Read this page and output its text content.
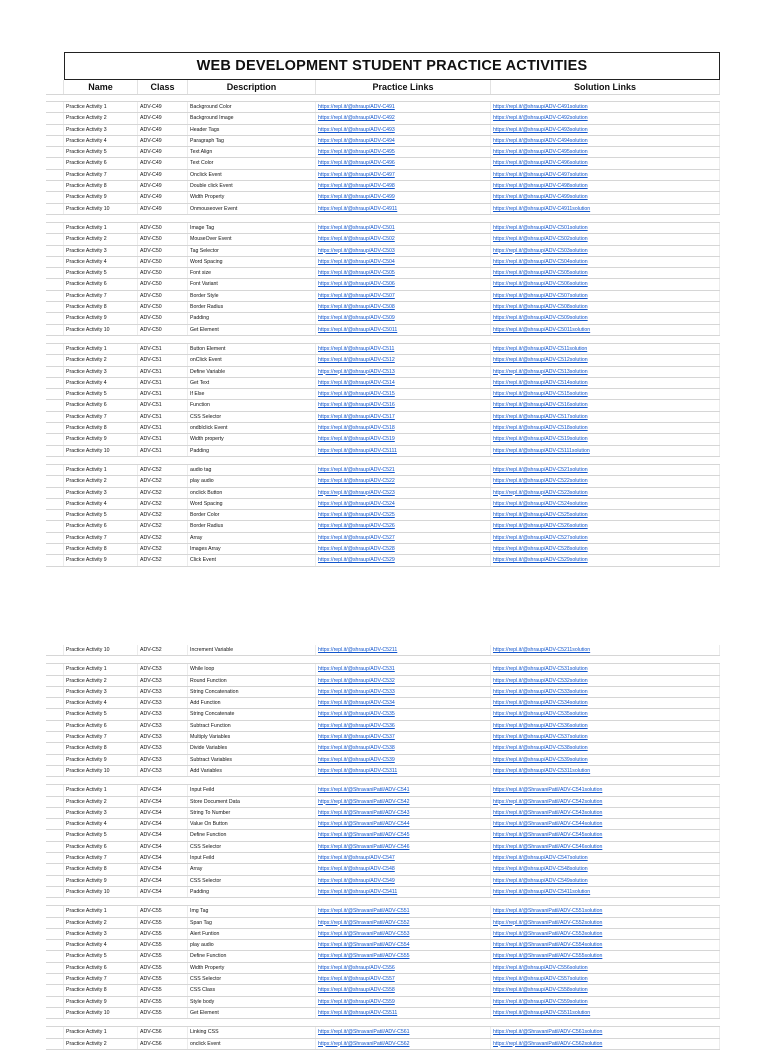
WEB DEVELOPMENT STUDENT PRACTICE ACTIVITIES
Name	Class	Description	Practice Links	Solution Links
Practice Activity 1	ADV-C49	Background Color	https://repl.it/@shraup/ADV-C491	https://repl.it/@shraup/ADV-C491solution
Practice Activity 2	ADV-C49	Background Image	https://repl.it/@shraup/ADV-C492	https://repl.it/@shraup/ADV-C492solution
Practice Activity 3	ADV-C49	Header Tags	https://repl.it/@shraup/ADV-C493	https://repl.it/@shraup/ADV-C493solution
Practice Activity 4	ADV-C49	Paragraph Tag	https://repl.it/@shraup/ADV-C494	https://repl.it/@shraup/ADV-C494solution
Practice Activity 5	ADV-C49	Text Align	https://repl.it/@shraup/ADV-C495	https://repl.it/@shraup/ADV-C495solution
Practice Activity 6	ADV-C49	Text Color	https://repl.it/@shraup/ADV-C496	https://repl.it/@shraup/ADV-C496solution
Practice Activity 7	ADV-C49	Onclick Event	https://repl.it/@shraup/ADV-C497	https://repl.it/@shraup/ADV-C497solution
Practice Activity 8	ADV-C49	Double click Event	https://repl.it/@shraup/ADV-C498	https://repl.it/@shraup/ADV-C498solution
Practice Activity 9	ADV-C49	Width Property	https://repl.it/@shraup/ADV-C499	https://repl.it/@shraup/ADV-C499solution
Practice Activity 10	ADV-C49	Onmouseover Event	https://repl.it/@shraup/ADV-C4911	https://repl.it/@shraup/ADV-C4911solution
Practice Activity 1	ADV-C50	Image Tag	https://repl.it/@shraup/ADV-C501	https://repl.it/@shraup/ADV-C501solution
Practice Activity 2	ADV-C50	MouseOver Event	https://repl.it/@shraup/ADV-C502	https://repl.it/@shraup/ADV-C502solution
Practice Activity 3	ADV-C50	Tag Selector	https://repl.it/@shraup/ADV-C503	https://repl.it/@shraup/ADV-C503solution
Practice Activity 4	ADV-C50	Word Spacing	https://repl.it/@shraup/ADV-C504	https://repl.it/@shraup/ADV-C504solution
Practice Activity 5	ADV-C50	Font size	https://repl.it/@shraup/ADV-C505	https://repl.it/@shraup/ADV-C505solution
Practice Activity 6	ADV-C50	Font Variant	https://repl.it/@shraup/ADV-C506	https://repl.it/@shraup/ADV-C506solution
Practice Activity 7	ADV-C50	Border Style	https://repl.it/@shraup/ADV-C507	https://repl.it/@shraup/ADV-C507solution
Practice Activity 8	ADV-C50	Border Radius	https://repl.it/@shraup/ADV-C508	https://repl.it/@shraup/ADV-C508solution
Practice Activity 9	ADV-C50	Padding	https://repl.it/@shraup/ADV-C509	https://repl.it/@shraup/ADV-C509solution
Practice Activity 10	ADV-C50	Get Element	https://repl.it/@shraup/ADV-C5011	https://repl.it/@shraup/ADV-C5011solution
Practice Activity 1	ADV-C51	Button Element	https://repl.it/@shraup/ADV-C511	https://repl.it/@shraup/ADV-C511solution
Practice Activity 2	ADV-C51	onClick Event	https://repl.it/@shraup/ADV-C512	https://repl.it/@shraup/ADV-C512solution
Practice Activity 3	ADV-C51	Define Variable	https://repl.it/@shraup/ADV-C513	https://repl.it/@shraup/ADV-C513solution
Practice Activity 4	ADV-C51	Get Text	https://repl.it/@shraup/ADV-C514	https://repl.it/@shraup/ADV-C514solution
Practice Activity 5	ADV-C51	If Else	https://repl.it/@shraup/ADV-C515	https://repl.it/@shraup/ADV-C515solution
Practice Activity 6	ADV-C51	Function	https://repl.it/@shraup/ADV-C516	https://repl.it/@shraup/ADV-C516solution
Practice Activity 7	ADV-C51	CSS Selector	https://repl.it/@shraup/ADV-C517	https://repl.it/@shraup/ADV-C517solution
Practice Activity 8	ADV-C51	ondblclick Event	https://repl.it/@shraup/ADV-C518	https://repl.it/@shraup/ADV-C518solution
Practice Activity 9	ADV-C51	Width property	https://repl.it/@shraup/ADV-C519	https://repl.it/@shraup/ADV-C519solution
Practice Activity 10	ADV-C51	Padding	https://repl.it/@shraup/ADV-C5111	https://repl.it/@shraup/ADV-C5111solution
Practice Activity 1	ADV-C52	audio tag	https://repl.it/@shraup/ADV-C521	https://repl.it/@shraup/ADV-C521solution
Practice Activity 2	ADV-C52	play audio	https://repl.it/@shraup/ADV-C522	https://repl.it/@shraup/ADV-C522solution
Practice Activity 3	ADV-C52	onclick Button	https://repl.it/@shraup/ADV-C523	https://repl.it/@shraup/ADV-C523solution
Practice Activity 4	ADV-C52	Word Spacing	https://repl.it/@shraup/ADV-C524	https://repl.it/@shraup/ADV-C524solution
Practice Activity 5	ADV-C52	Border Color	https://repl.it/@shraup/ADV-C525	https://repl.it/@shraup/ADV-C525solution
Practice Activity 6	ADV-C52	Border Radius	https://repl.it/@shraup/ADV-C526	https://repl.it/@shraup/ADV-C526solution
Practice Activity 7	ADV-C52	Array	https://repl.it/@shraup/ADV-C527	https://repl.it/@shraup/ADV-C527solution
Practice Activity 8	ADV-C52	Images Array	https://repl.it/@shraup/ADV-C528	https://repl.it/@shraup/ADV-C528solution
Practice Activity 9	ADV-C52	Click Event	https://repl.it/@shraup/ADV-C529	https://repl.it/@shraup/ADV-C529solution
Practice Activity 10	ADV-C52	Increment Variable	https://repl.it/@shraup/ADV-C5211	https://repl.it/@shraup/ADV-C5211solution
Practice Activity 1	ADV-C53	While loop	https://repl.it/@shraup/ADV-C531	https://repl.it/@shraup/ADV-C531solution
Practice Activity 2	ADV-C53	Round Function	https://repl.it/@shraup/ADV-C532	https://repl.it/@shraup/ADV-C532solution
Practice Activity 3	ADV-C53	String Concatenation	https://repl.it/@shraup/ADV-C533	https://repl.it/@shraup/ADV-C533solution
Practice Activity 4	ADV-C53	Add Function	https://repl.it/@shraup/ADV-C534	https://repl.it/@shraup/ADV-C534solution
Practice Activity 5	ADV-C53	String Concatenate	https://repl.it/@shraup/ADV-C535	https://repl.it/@shraup/ADV-C535solution
Practice Activity 6	ADV-C53	Subtract Function	https://repl.it/@shraup/ADV-C536	https://repl.it/@shraup/ADV-C536solution
Practice Activity 7	ADV-C53	Multiply Variables	https://repl.it/@shraup/ADV-C537	https://repl.it/@shraup/ADV-C537solution
Practice Activity 8	ADV-C53	Divide Variables	https://repl.it/@shraup/ADV-C538	https://repl.it/@shraup/ADV-C538solution
Practice Activity 9	ADV-C53	Subtract Variables	https://repl.it/@shraup/ADV-C539	https://repl.it/@shraup/ADV-C539solution
Practice Activity 10	ADV-C53	Add Variables	https://repl.it/@shraup/ADV-C5311	https://repl.it/@shraup/ADV-C5311solution
Practice Activity 1	ADV-C54	Input Feild	https://repl.it/@ShravaniPatil/ADV-C541	https://repl.it/@ShravaniPatil/ADV-C541solution
Practice Activity 2	ADV-C54	Store Document Data	https://repl.it/@ShravaniPatil/ADV-C542	https://repl.it/@ShravaniPatil/ADV-C542solution
Practice Activity 3	ADV-C54	String To Number	https://repl.it/@ShravaniPatil/ADV-C543	https://repl.it/@ShravaniPatil/ADV-C543solution
Practice Activity 4	ADV-C54	Value On Button	https://repl.it/@ShravaniPatil/ADV-C544	https://repl.it/@ShravaniPatil/ADV-C544solution
Practice Activity 5	ADV-C54	Define Function	https://repl.it/@ShravaniPatil/ADV-C545	https://repl.it/@ShravaniPatil/ADV-C545solution
Practice Activity 6	ADV-C54	CSS Selector	https://repl.it/@ShravaniPatil/ADV-C546	https://repl.it/@ShravaniPatil/ADV-C546solution
Practice Activity 7	ADV-C54	Input Feild	https://repl.it/@shraup/ADV-C547	https://repl.it/@shraup/ADV-C547solution
Practice Activity 8	ADV-C54	Array	https://repl.it/@shraup/ADV-C548	https://repl.it/@shraup/ADV-C548solution
Practice Activity 9	ADV-C54	CSS Selector	https://repl.it/@shraup/ADV-C549	https://repl.it/@shraup/ADV-C549solution
Practice Activity 10	ADV-C54	Padding	https://repl.it/@shraup/ADV-C5411	https://repl.it/@shraup/ADV-C5411solution
Practice Activity 1	ADV-C55	Img Tag	https://repl.it/@ShravaniPatil/ADV-C551	https://repl.it/@ShravaniPatil/ADV-C551solution
Practice Activity 2	ADV-C55	Span Tag	https://repl.it/@ShravaniPatil/ADV-C552	https://repl.it/@ShravaniPatil/ADV-C552solution
Practice Activity 3	ADV-C55	Alert Funtion	https://repl.it/@ShravaniPatil/ADV-C553	https://repl.it/@ShravaniPatil/ADV-C553solution
Practice Activity 4	ADV-C55	play audio	https://repl.it/@ShravaniPatil/ADV-C554	https://repl.it/@ShravaniPatil/ADV-C554solution
Practice Activity 5	ADV-C55	Define Function	https://repl.it/@ShravaniPatil/ADV-C555	https://repl.it/@ShravaniPatil/ADV-C555solution
Practice Activity 6	ADV-C55	Width Property	https://repl.it/@shraup/ADV-C556	https://repl.it/@shraup/ADV-C556solution
Practice Activity 7	ADV-C55	CSS Selector	https://repl.it/@shraup/ADV-C557	https://repl.it/@shraup/ADV-C557solution
Practice Activity 8	ADV-C55	CSS Class	https://repl.it/@shraup/ADV-C558	https://repl.it/@shraup/ADV-C558solution
Practice Activity 9	ADV-C55	Style body	https://repl.it/@shraup/ADV-C559	https://repl.it/@shraup/ADV-C559solution
Practice Activity 10	ADV-C55	Get Element	https://repl.it/@shraup/ADV-C5511	https://repl.it/@shraup/ADV-C5511solution
Practice Activity 1	ADV-C56	Linking CSS	https://repl.it/@ShravaniPatil/ADV-C561	https://repl.it/@ShravaniPatil/ADV-C561solution
Practice Activity 2	ADV-C56	onclick Event	https://repl.it/@ShravaniPatil/ADV-C562	https://repl.it/@ShravaniPatil/ADV-C562solution
